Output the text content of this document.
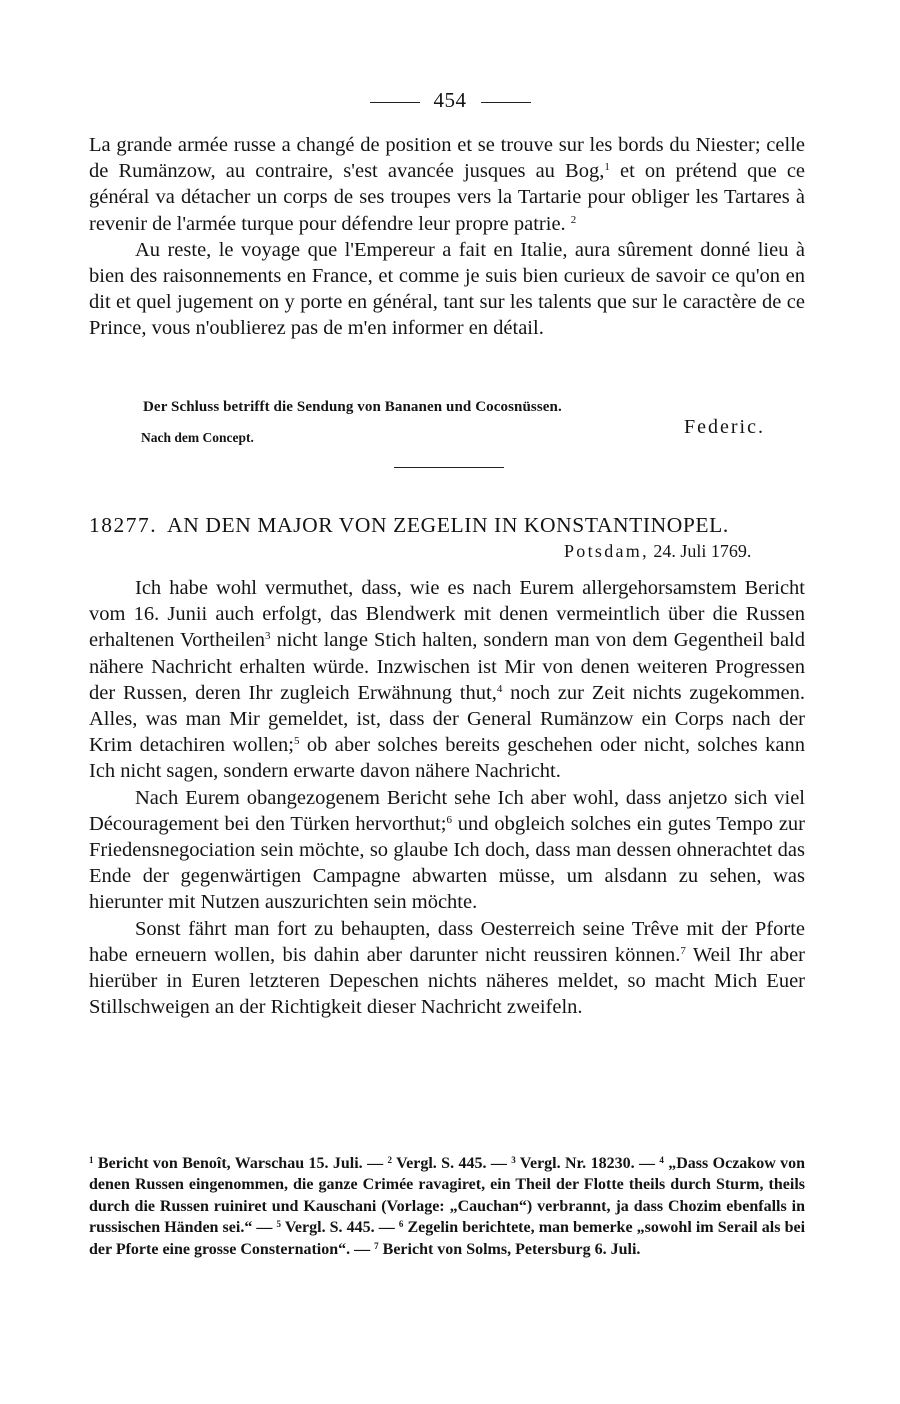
454

La grande armée russe a changé de position et se trouve sur les bords du Niester; celle de Rumänzow, au contraire, s'est avancée jusques au Bog,$^1$ et on prétend que ce général va détacher un corps de ses troupes vers la Tartarie pour obliger les Tartares à revenir de l'armée turque pour défendre leur propre patrie. $^2$

Au reste, le voyage que l'Empereur a fait en Italie, aura sûrement donné lieu à bien des raisonnements en France, et comme je suis bien curieux de savoir ce qu'on en dit et quel jugement on y porte en général, tant sur les talents que sur le caractère de ce Prince, vous n'oublierez pas de m'en informer en détail.

Der Schluss betrifft die Sendung von Bananen und Cocosnüssen.
Nach dem Concept.	Federic.
18277. AN DEN MAJOR VON ZEGELIN IN KONSTANTINOPEL.
Potsdam, 24. Juli 1769.

Ich habe wohl vermuthet, dass, wie es nach Eurem allergehorsamstem Bericht vom 16. Junii auch erfolgt, das Blendwerk mit denen vermeintlich über die Russen erhaltenen Vortheilen$^3$ nicht lange Stich halten, sondern man von dem Gegentheil bald nähere Nachricht erhalten würde. Inzwischen ist Mir von denen weiteren Progressen der Russen, deren Ihr zugleich Erwähnung thut,$^4$ noch zur Zeit nichts zugekommen. Alles, was man Mir gemeldet, ist, dass der General Rumänzow ein Corps nach der Krim detachiren wollen;$^5$ ob aber solches bereits geschehen oder nicht, solches kann Ich nicht sagen, sondern erwarte davon nähere Nachricht.

Nach Eurem obangezogenem Bericht sehe Ich aber wohl, dass anjetzo sich viel Découragement bei den Türken hervorthut;$^6$ und obgleich solches ein gutes Tempo zur Friedensnegociation sein möchte, so glaube Ich doch, dass man dessen ohnerachtet das Ende der gegenwärtigen Campagne abwarten müsse, um alsdann zu sehen, was hierunter mit Nutzen auszurichten sein möchte.

Sonst fährt man fort zu behaupten, dass Oesterreich seine Trêve mit der Pforte habe erneuern wollen, bis dahin aber darunter nicht reussiren können.$^7$ Weil Ihr aber hierüber in Euren letzteren Depeschen nichts näheres meldet, so macht Mich Euer Stillschweigen an der Richtigkeit dieser Nachricht zweifeln.

$^1$ Bericht von Benoît, Warschau 15. Juli. — $^2$ Vergl. S. 445. — $^3$ Vergl. Nr. 18230. — $^4$ „Dass Oczakow von denen Russen eingenommen, die ganze Crimée ravagiret, ein Theil der Flotte theils durch Sturm, theils durch die Russen ruiniret und Kauschani (Vorlage: „Cauchan“) verbrannt, ja dass Chozim ebenfalls in russischen Händen sei.“ — $^5$ Vergl. S. 445. — $^6$ Zegelin berichtete, man bemerke „sowohl im Serail als bei der Pforte eine grosse Consternation“. — $^7$ Bericht von Solms, Petersburg 6. Juli.
